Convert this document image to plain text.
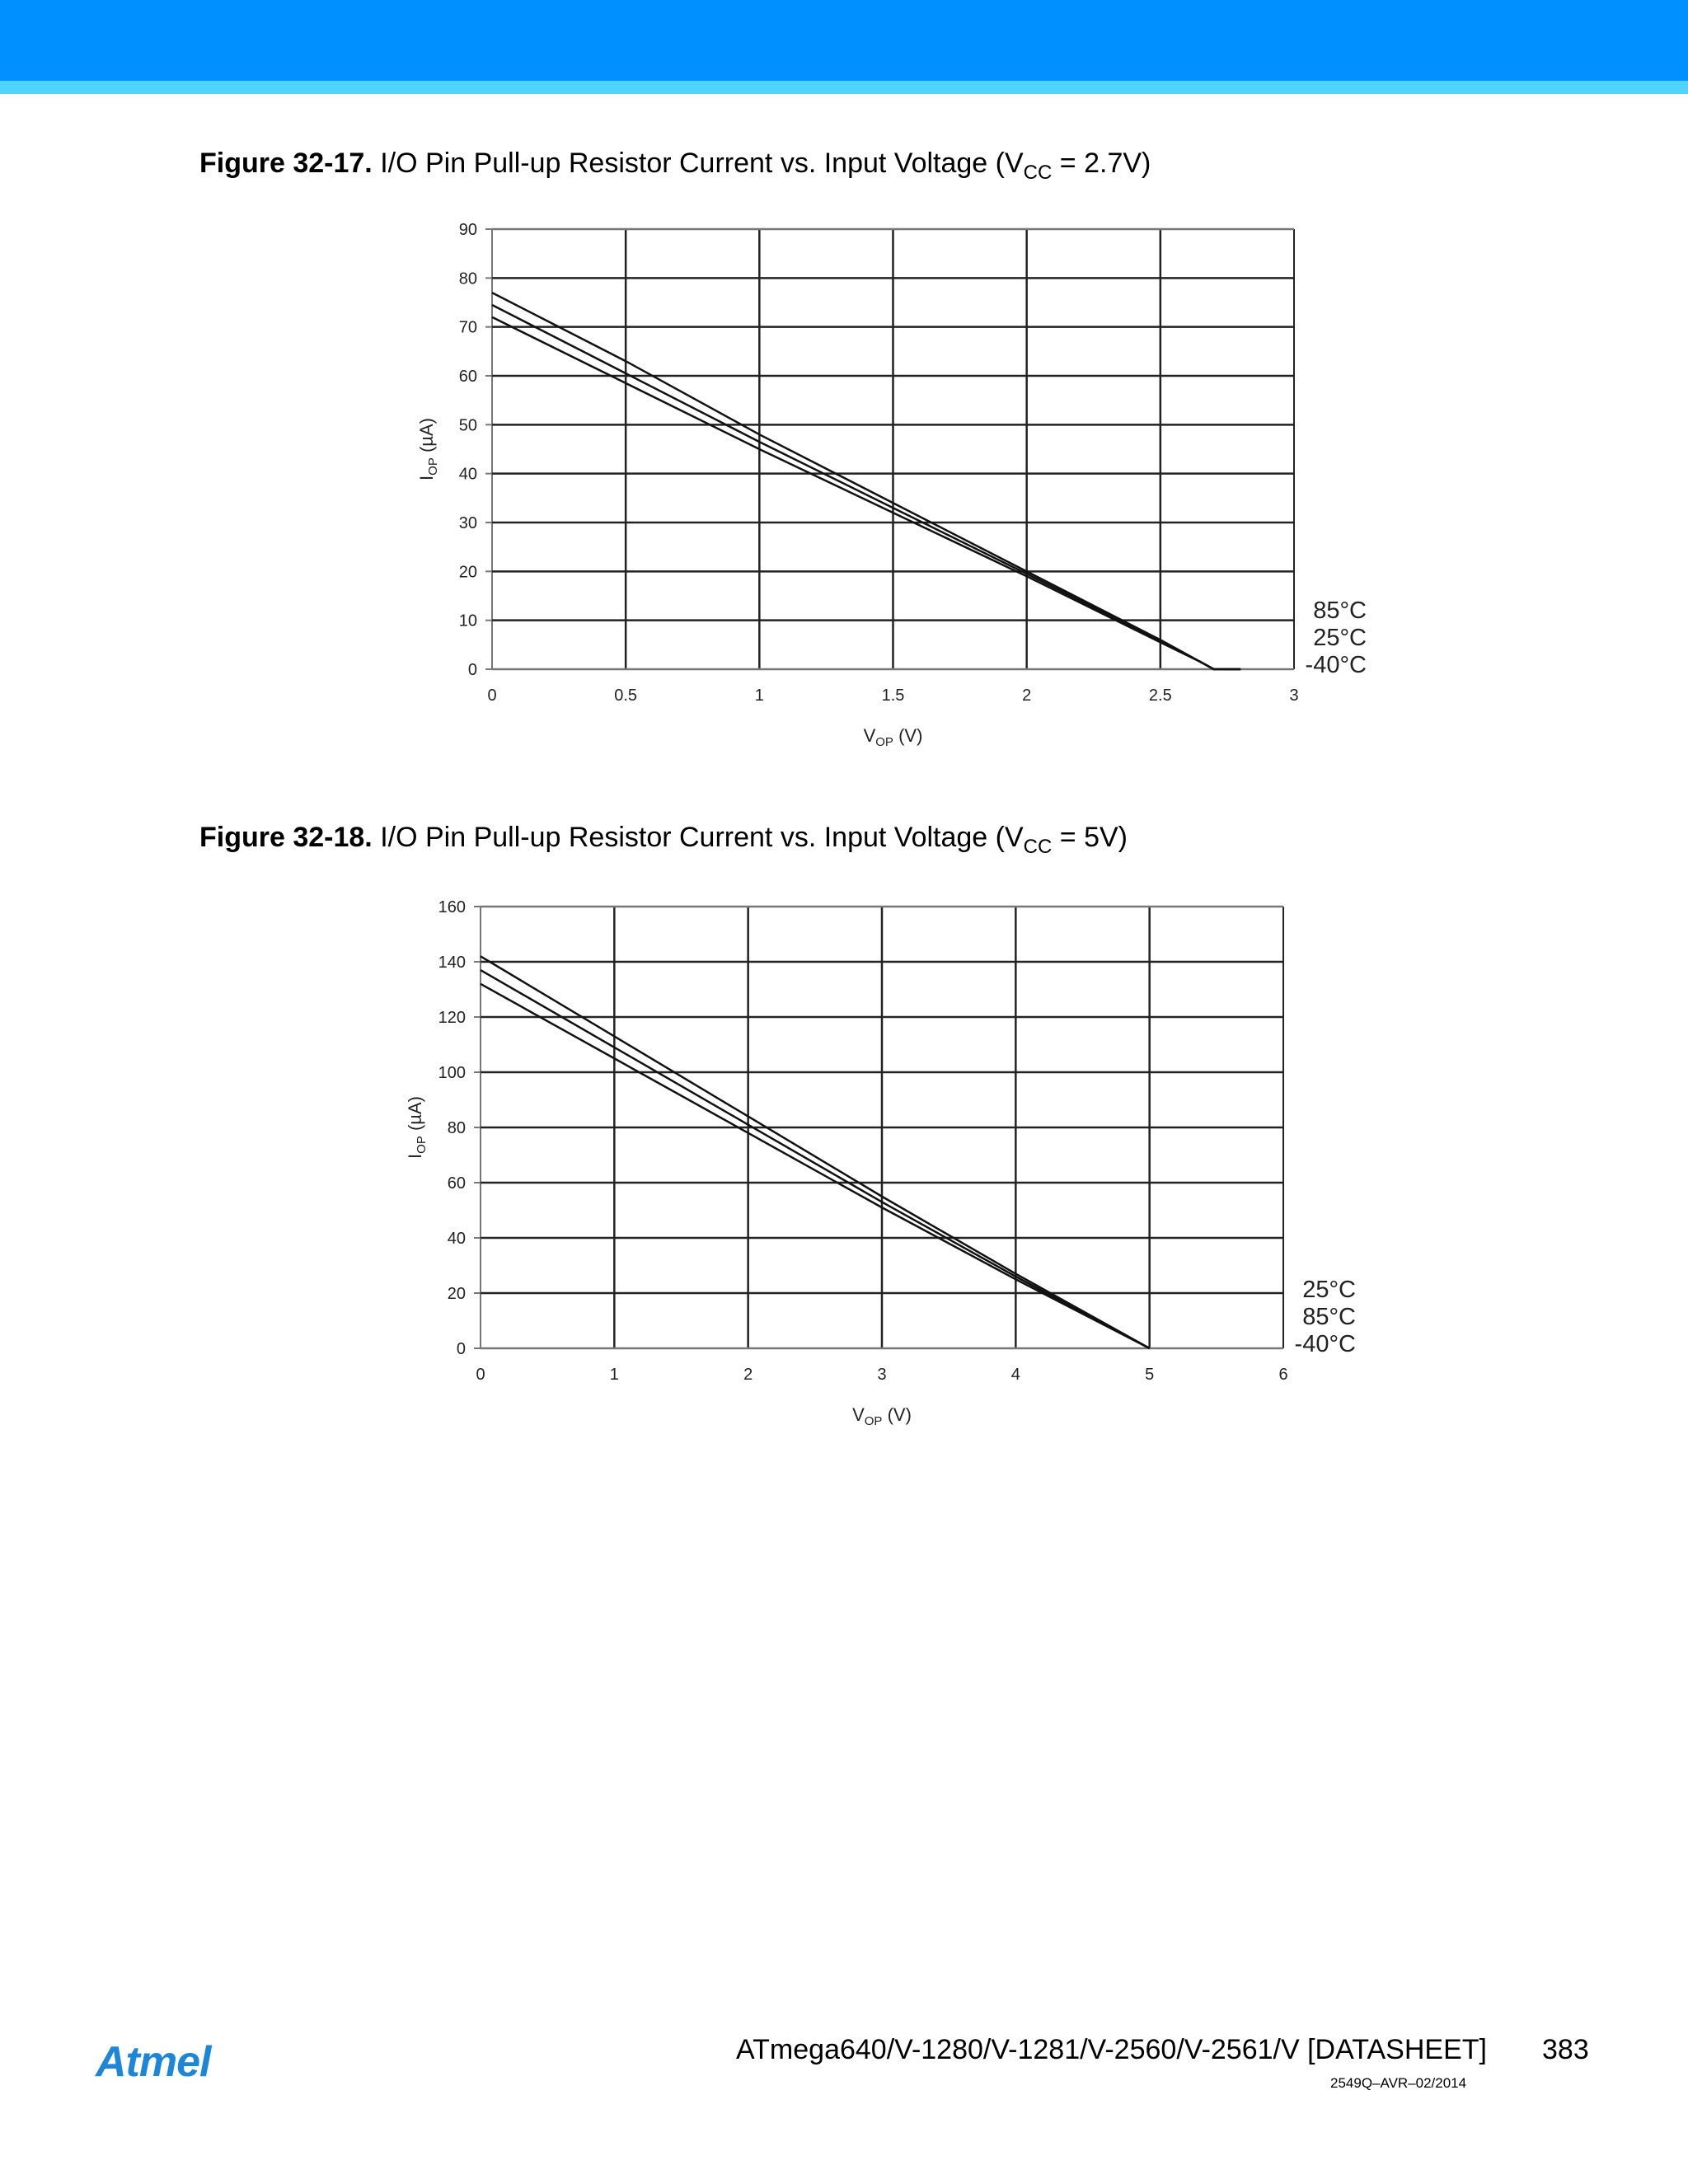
Figure 32-17. I/O Pin Pull-up Resistor Current vs. Input Voltage $(V_{CC} = 2.7V)$
Figure 32-18. I/O Pin Pull-up Resistor Current vs. Input Voltage $(V_{CC} = 5V)$
0	0.5	1	1.5	2	2.5	3
0
10
20
30
40
50
60
70
80
90
$V_{OP}$ (V)
$I_{OP}$ (µA)
85°C
25°C
-40°C
0	1	2	3	4	5	6
0
20
40
60
80
100
120
140
160
$V_{OP}$ (V)
$I_{OP}$ (µA)
25°C
85°C
-40°C
Atmel	ATmega640/V-1280/V-1281/V-2560/V-2561/V [DATASHEET] 383
2549Q–AVR–02/2014
